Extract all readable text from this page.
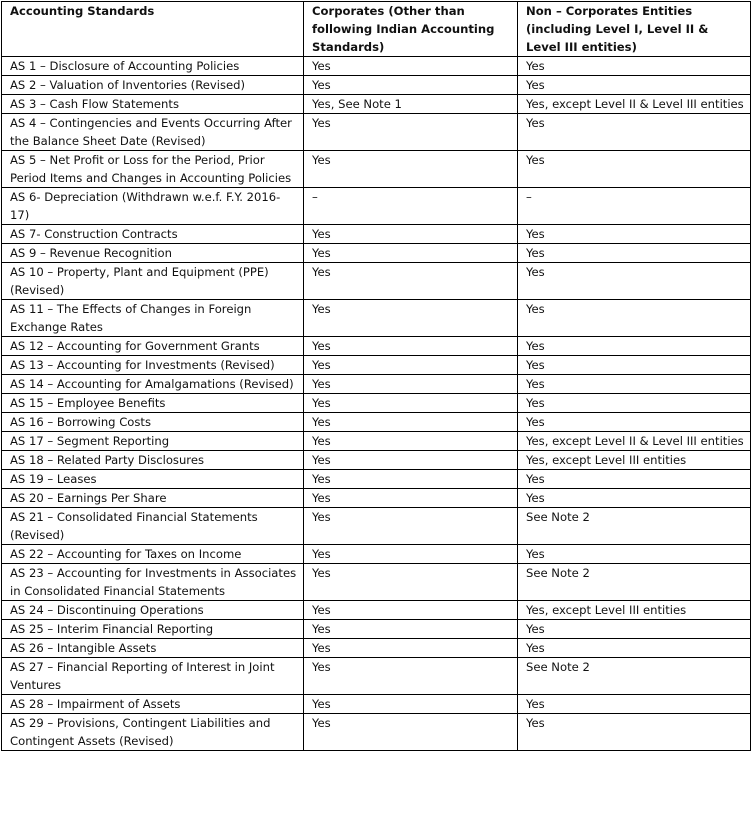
Accounting Standards	Corporates (Other than following Indian Accounting Standards)	Non – Corporates Entities (including Level I, Level II & Level III entities)
AS 1 – Disclosure of Accounting Policies	Yes	Yes
AS 2 – Valuation of Inventories (Revised)	Yes	Yes
AS 3 – Cash Flow Statements	Yes, See Note 1	Yes, except Level II & Level III entities
AS 4 – Contingencies and Events Occurring After the Balance Sheet Date (Revised)	Yes	Yes
AS 5 – Net Profit or Loss for the Period, Prior Period Items and Changes in Accounting Policies	Yes	Yes
AS 6- Depreciation (Withdrawn w.e.f. F.Y. 2016-17)	–	–
AS 7- Construction Contracts	Yes	Yes
AS 9 – Revenue Recognition	Yes	Yes
AS 10 – Property, Plant and Equipment (PPE) (Revised)	Yes	Yes
AS 11 – The Effects of Changes in Foreign Exchange Rates	Yes	Yes
AS 12 – Accounting for Government Grants	Yes	Yes
AS 13 – Accounting for Investments (Revised)	Yes	Yes
AS 14 – Accounting for Amalgamations (Revised)	Yes	Yes
AS 15 – Employee Benefits	Yes	Yes
AS 16 – Borrowing Costs	Yes	Yes
AS 17 – Segment Reporting	Yes	Yes, except Level II & Level III entities
AS 18 – Related Party Disclosures	Yes	Yes, except Level III entities
AS 19 – Leases	Yes	Yes
AS 20 – Earnings Per Share	Yes	Yes
AS 21 – Consolidated Financial Statements (Revised)	Yes	See Note 2
AS 22 – Accounting for Taxes on Income	Yes	Yes
AS 23 – Accounting for Investments in Associates in Consolidated Financial Statements	Yes	See Note 2
AS 24 – Discontinuing Operations	Yes	Yes, except Level III entities
AS 25 – Interim Financial Reporting	Yes	Yes
AS 26 – Intangible Assets	Yes	Yes
AS 27 – Financial Reporting of Interest in Joint Ventures	Yes	See Note 2
AS 28 – Impairment of Assets	Yes	Yes
AS 29 – Provisions, Contingent Liabilities and Contingent Assets (Revised)	Yes	Yes
